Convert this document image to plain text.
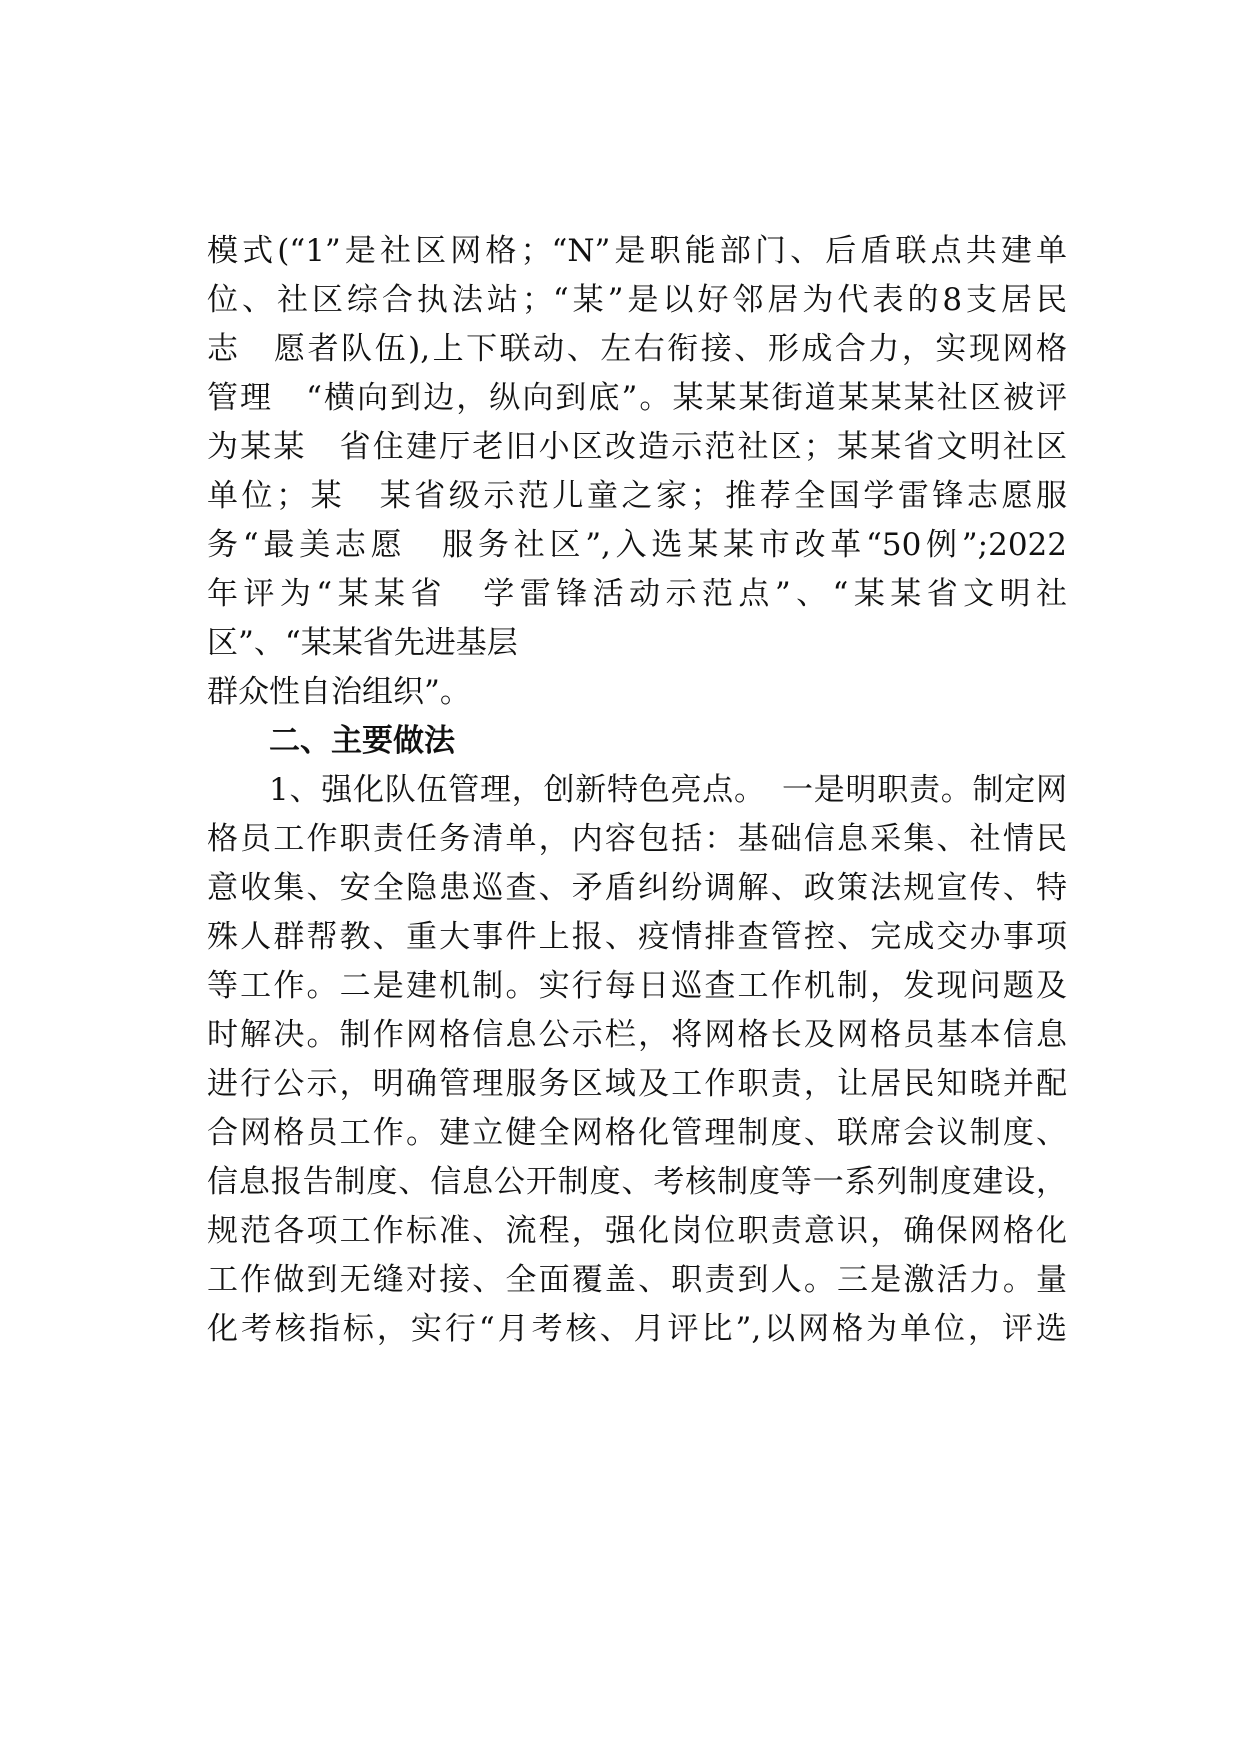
模式(“1”是社区网格；“N”是职能部门、后盾联点共建单
位、社区综合执法站；“某”是以好邻居为代表的8支居民
志　愿者队伍),上下联动、左右衔接、形成合力，实现网格
管理　“横向到边，纵向到底”。某某某街道某某某社区被评
为某某　省住建厅老旧小区改造示范社区；某某省文明社区
单位；某　某省级示范儿童之家；推荐全国学雷锋志愿服
务“最美志愿　服务社区”,入选某某市改革“50例”;2022
年评为“某某省　学雷锋活动示范点”、“某某省文明社
区”、“某某省先进基层
群众性自治组织”。
二、主要做法
1、强化队伍管理，创新特色亮点。　一是明职责。制定网
格员工作职责任务清单，内容包括：基础信息采集、社情民
意收集、安全隐患巡查、矛盾纠纷调解、政策法规宣传、特
殊人群帮教、重大事件上报、疫情排查管控、完成交办事项
等工作。二是建机制。实行每日巡查工作机制，发现问题及
时解决。制作网格信息公示栏，将网格长及网格员基本信息
进行公示，明确管理服务区域及工作职责，让居民知晓并配
合网格员工作。建立健全网格化管理制度、联席会议制度、
信息报告制度、信息公开制度、考核制度等一系列制度建设，
规范各项工作标准、流程，强化岗位职责意识，确保网格化
工作做到无缝对接、全面覆盖、职责到人。三是激活力。量
化考核指标，实行“月考核、月评比”,以网格为单位，评选
